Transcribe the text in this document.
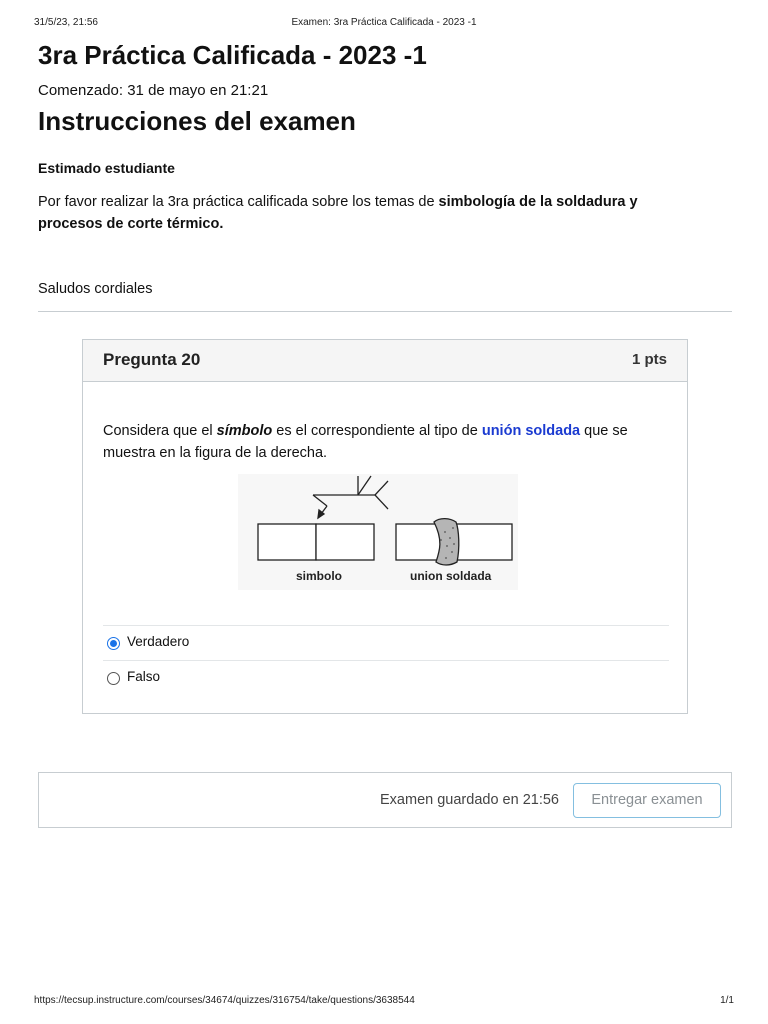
31/5/23, 21:56	Examen: 3ra Práctica Calificada - 2023 -1
3ra Práctica Calificada - 2023 -1
Comenzado: 31 de mayo en 21:21
Instrucciones del examen
Estimado estudiante
Por favor realizar la 3ra práctica calificada sobre los temas de simbología de la soldadura y procesos de corte térmico.
Saludos cordiales
Pregunta 20	1 pts
Considera que el símbolo es el correspondiente al tipo de unión soldada que se muestra en la figura de la derecha.
simbolo	union soldada
Verdadero
Falso
Examen guardado en 21:56	Entregar examen
https://tecsup.instructure.com/courses/34674/quizzes/316754/take/questions/3638544	1/1
